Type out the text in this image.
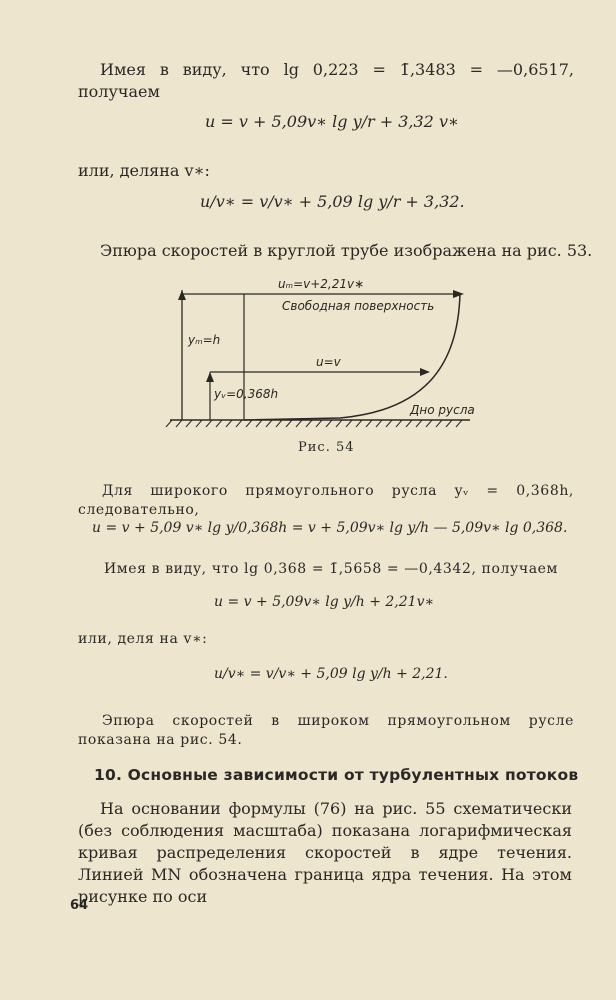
Имея в виду, что lg 0,223 = 1̄,3483 = —0,6517, получаем
u = v + 5,09v∗ lg y/r + 3,32 v∗
или, деляна v∗:
u/v∗ = v/v∗ + 5,09 lg y/r + 3,32.
Эпюра скоростей в круглой трубе изображена на рис. 53.
uₘ=v+2,21v∗
Свободная поверхность
u=v
yₘ=h
yᵥ=0,368h
Дно русла
Рис. 54
Для широкого прямоугольного русла yᵥ = 0,368h, следовательно,
u = v + 5,09 v∗ lg y/0,368h = v + 5,09v∗ lg y/h — 5,09v∗ lg 0,368.
Имея в виду, что lg 0,368 = 1̄,5658 = —0,4342, получаем
u = v + 5,09v∗ lg y/h + 2,21v∗
или, деля на v∗:
u/v∗ = v/v∗ + 5,09 lg y/h + 2,21.
Эпюра скоростей в широком прямоугольном русле показана на рис. 54.
10. Основные зависимости от турбулентных потоков
На основании формулы (76) на рис. 55 схематически (без соблюдения масштаба) показана логарифмическая кривая распределения скоростей в ядре течения. Линией MN обозначена граница ядра течения. На этом рисунке по оси
64
